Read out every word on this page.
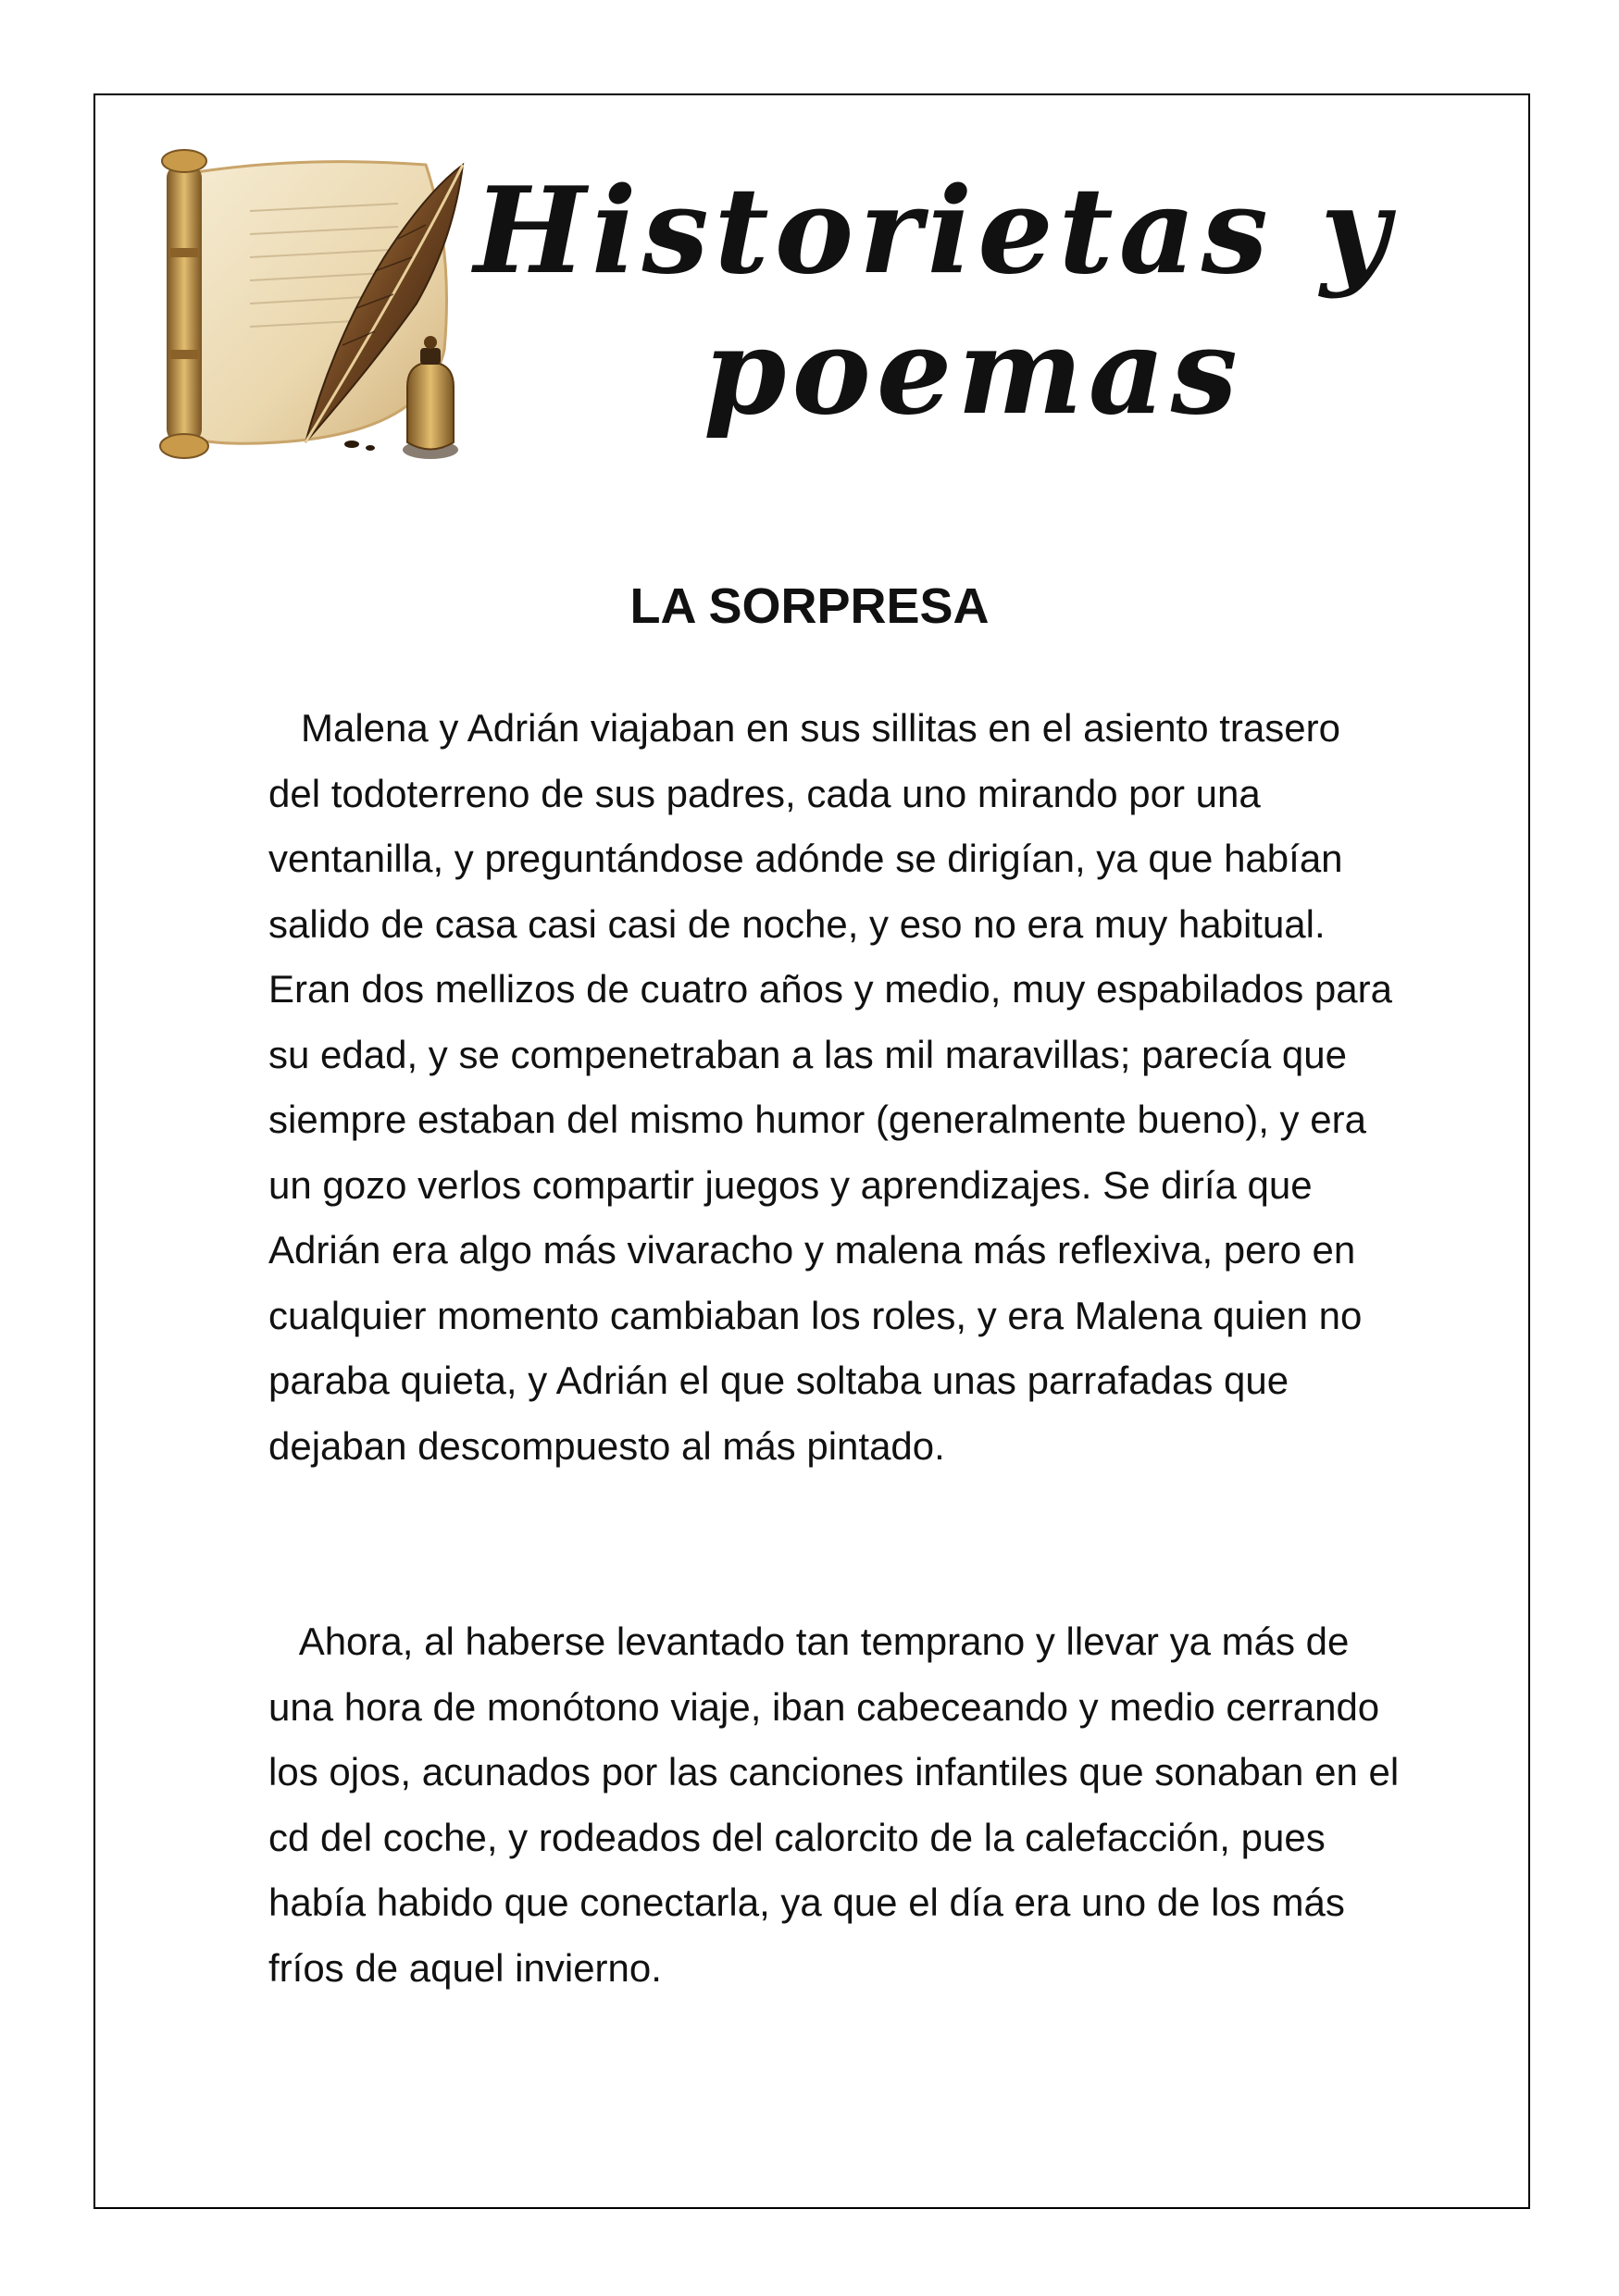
Historietas y
poemas
LA SORPRESA

Malena y Adrián viajaban en sus sillitas en el asiento trasero
del todoterreno de sus padres, cada uno mirando por una
ventanilla, y preguntándose adónde se dirigían, ya que habían
salido de casa casi casi de noche, y eso no era muy habitual.
Eran dos mellizos de cuatro años y medio, muy espabilados para
su edad, y se compenetraban a las mil maravillas; parecía que
siempre estaban del mismo humor (generalmente bueno), y era
un gozo verlos compartir juegos y aprendizajes. Se diría que
Adrián era algo más vivaracho y malena más reflexiva, pero en
cualquier momento cambiaban los roles, y era Malena quien no
paraba quieta, y Adrián el que soltaba unas parrafadas que
dejaban descompuesto al más pintado.

Ahora, al haberse levantado tan temprano y llevar ya más de
una hora de monótono viaje, iban cabeceando y medio cerrando
los ojos, acunados por las canciones infantiles que sonaban en el
cd del coche, y rodeados del calorcito de la calefacción, pues
había habido que conectarla, ya que el día era uno de los más
fríos de aquel invierno.
